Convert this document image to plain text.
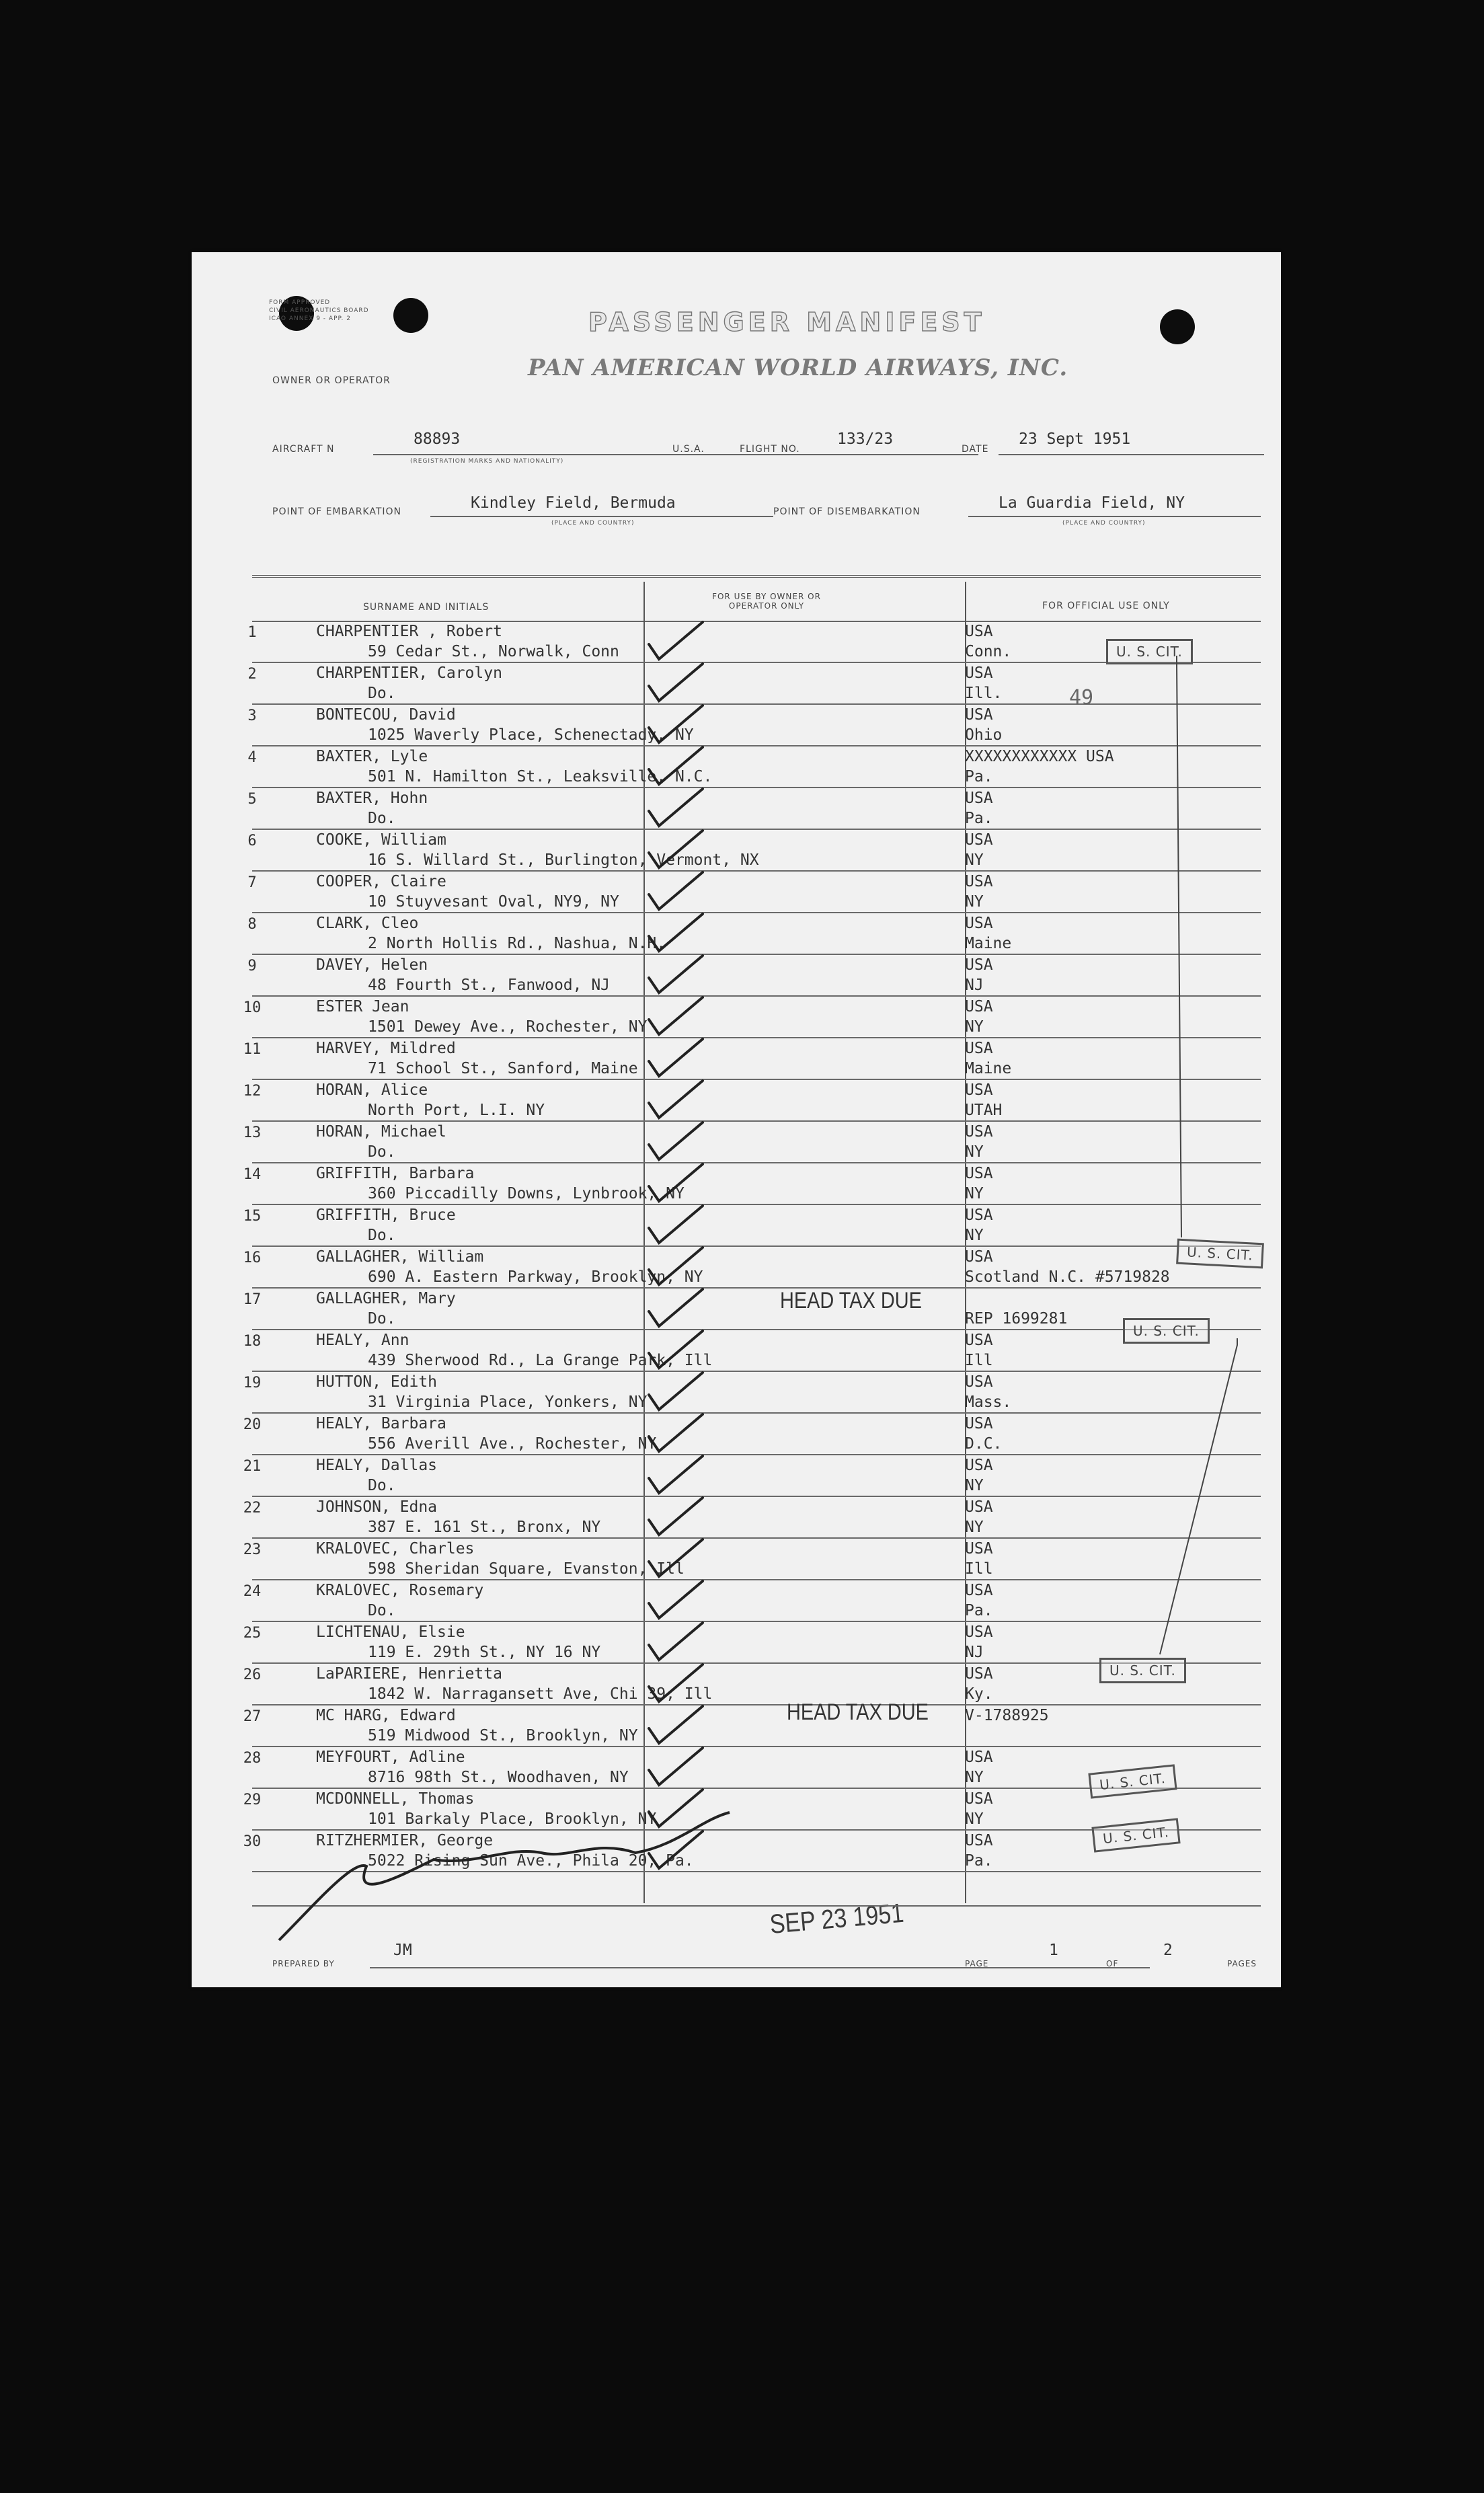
FORM APPROVED
CIVIL AERONAUTICS BOARD
ICAO ANNEX 9 - APP. 2	PASSENGER MANIFEST
OWNER OR OPERATOR	PAN AMERICAN WORLD AIRWAYS, INC.
AIRCRAFT N
88893
(REGISTRATION MARKS AND NATIONALITY)
U.S.A.	FLIGHT NO.
133/23
DATE
23 Sept 1951
POINT OF EMBARKATION	Kindley Field, Bermuda
(PLACE AND COUNTRY)
POINT OF DISEMBARKATION	La Guardia Field, NY
(PLACE AND COUNTRY)
SURNAME AND INITIALS
FOR USE BY OWNER OR OPERATOR ONLY	FOR OFFICIAL USE ONLY
1	CHARPENTIER , Robert
59 Cedar St., Norwalk, Conn
USA
Conn.
2	CHARPENTIER, Carolyn
Do.
USA
Ill.
3	BONTECOU, David
1025 Waverly Place, Schenectady, NY
USA
Ohio
4	BAXTER, Lyle
501 N. Hamilton St., Leaksville, N.C.
XXXXXXXXXXXX USA
Pa.
5	BAXTER, Hohn
Do.
USA
Pa.
6	COOKE, William
16 S. Willard St., Burlington, Vermont, NX
USA
NY
7	COOPER, Claire
10 Stuyvesant Oval, NY9, NY
USA
NY
8	CLARK, Cleo
2 North Hollis Rd., Nashua, N.H.
USA
Maine
9	DAVEY, Helen
48 Fourth St., Fanwood, NJ
USA
NJ
10	ESTER Jean
1501 Dewey Ave., Rochester, NY
USA
NY
11	HARVEY, Mildred
71 School St., Sanford, Maine
USA
Maine
12	HORAN, Alice
North Port, L.I. NY
USA
UTAH
13	HORAN, Michael
Do.
USA
NY
14	GRIFFITH, Barbara
360 Piccadilly Downs, Lynbrook, NY
USA
NY
15	GRIFFITH, Bruce
Do.
USA
NY
16	GALLAGHER, William
690 A. Eastern Parkway, Brooklyn, NY
USA
Scotland N.C. #5719828
17	GALLAGHER, Mary
Do.	REP 1699281
18	HEALY, Ann
439 Sherwood Rd., La Grange Park, Ill
USA
Ill
19	HUTTON, Edith
31 Virginia Place, Yonkers, NY
USA
Mass.
20	HEALY, Barbara
556 Averill Ave., Rochester, NY
USA
D.C.
21	HEALY, Dallas
Do.
USA
NY
22	JOHNSON, Edna
387 E. 161 St., Bronx, NY
USA
NY
23	KRALOVEC, Charles
598 Sheridan Square, Evanston, Ill
USA
Ill
24	KRALOVEC, Rosemary
Do.
USA
Pa.
25	LICHTENAU, Elsie
119 E. 29th St., NY 16 NY
USA
NJ
26	LaPARIERE, Henrietta
1842 W. Narragansett Ave, Chi 39, Ill
USA
Ky.
27	MC HARG, Edward
519 Midwood St., Brooklyn, NY
V-1788925
28	MEYFOURT, Adline
8716 98th St., Woodhaven, NY
USA
NY
29	MCDONNELL, Thomas
101 Barkaly Place, Brooklyn, NY
USA
NY
30	RITZHERMIER, George
5022 Rising Sun Ave., Phila 20, Pa.
USA
Pa.
U. S. CIT.
49
U. S. CIT.
U. S. CIT.
U. S. CIT.
U. S. CIT.
U. S. CIT.
HEAD TAX DUE
HEAD TAX DUE
SEP 23 1951
PREPARED BY
JM
PAGE
1
OF
2
PAGES
